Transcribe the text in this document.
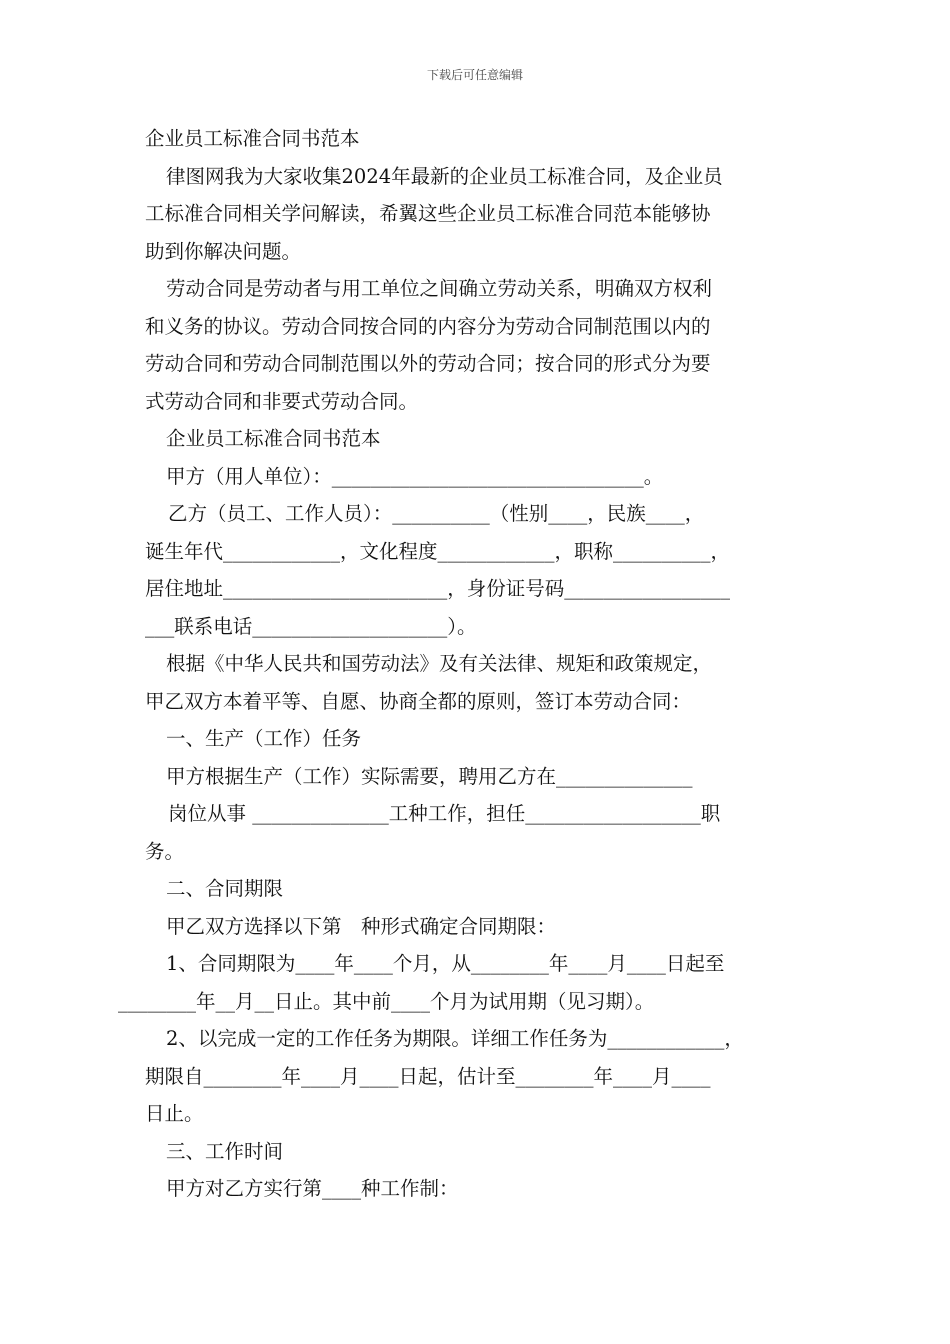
下载后可任意编辑
企业员工标准合同书范本
律图网我为大家收集2024年最新的企业员工标准合同，及企业员
工标准合同相关学问解读，希翼这些企业员工标准合同范本能够协
助到你解决问题。
劳动合同是劳动者与用工单位之间确立劳动关系，明确双方权利
和义务的协议。劳动合同按合同的内容分为劳动合同制范围以内的
劳动合同和劳动合同制范围以外的劳动合同；按合同的形式分为要
式劳动合同和非要式劳动合同。
企业员工标准合同书范本
甲方（用人单位）：________________________________。
乙方（员工、工作人员）：__________（性别____，民族____，
诞生年代____________，文化程度____________，职称__________，
居住地址_______________________，身份证号码_________________
___联系电话____________________）。
根据《中华人民共和国劳动法》及有关法律、规矩和政策规定，
甲乙双方本着平等、自愿、协商全都的原则，签订本劳动合同：
一、生产（工作）任务
甲方根据生产（工作）实际需要，聘用乙方在______________
岗位从事 ______________工种工作，担任__________________职
务。
二、合同期限
甲乙双方选择以下第　种形式确定合同期限：
1、合同期限为____年____个月，从________年____月____日起至
________年__月__日止。其中前____个月为试用期（见习期）。
2、以完成一定的工作任务为期限。详细工作任务为____________，
期限自________年____月____日起，估计至________年____月____
日止。
三、工作时间
甲方对乙方实行第____种工作制：
